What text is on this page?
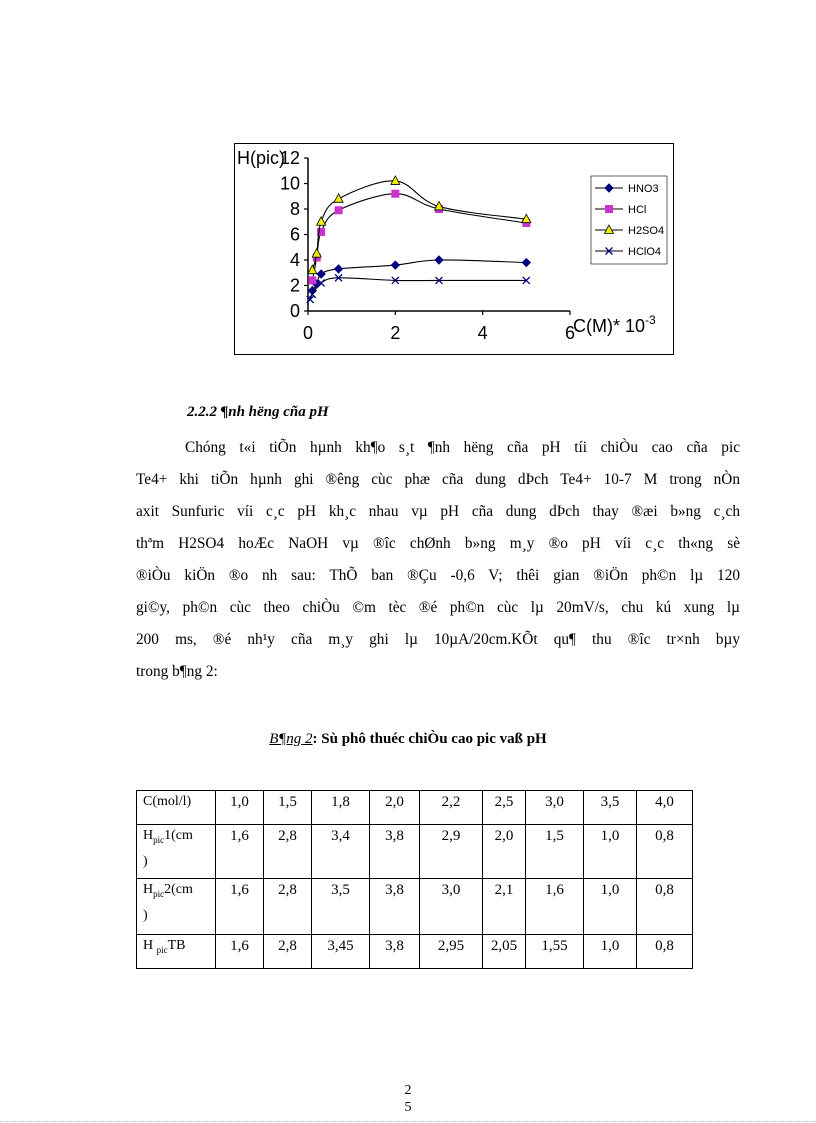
0
2
4
6
8
10
12
0	2	4	6
H(pic)
C(M)* $10^{-3}$
HNO3
HCl
H2SO4
HClO4
2.2.2 ¶nh hëng cña pH
Chóng t«i tiÕn hµnh kh¶o s¸t ¶nh hëng cña pH tíi chiÒu cao cña pic
Te4+ khi tiÕn hµnh ghi ®êng cùc phæ cña dung dÞch Te4+ 10-7 M trong nÒn
axit Sunfuric víi c¸c pH kh¸c nhau vµ pH cña dung dÞch thay ®æi b»ng c¸ch
thªm H2SO4 hoÆc NaOH vµ ®îc chØnh b»ng m¸y ®o pH víi c¸c th«ng sè
®iÒu kiÖn ®o nh sau: ThÕ ban ®Çu -0,6 V; thêi gian ®iÖn ph©n lµ 120
gi©y, ph©n cùc theo chiÒu ©m tèc ®é ph©n cùc lµ 20mV/s, chu kú xung lµ
200 ms, ®é nh¹y cña m¸y ghi lµ 10µA/20cm.KÕt qu¶ thu ®îc tr×nh bµy
trong b¶ng 2:
B¶ng 2: Sù phô thuéc chiÒu cao pic vaß pH
C(mol/l)	1,0	1,5	1,8	2,0	2,2	2,5	3,0	3,5	4,0
$H_{pic}1(cm$
)	1,6	2,8	3,4	3,8	2,9	2,0	1,5	1,0	0,8
$H_{pic}2(cm$
)	1,6	2,8	3,5	3,8	3,0	2,1	1,6	1,0	0,8
H $_{pic}$TB	1,6	2,8	3,45	3,8	2,95	2,05	1,55	1,0	0,8
2
5
